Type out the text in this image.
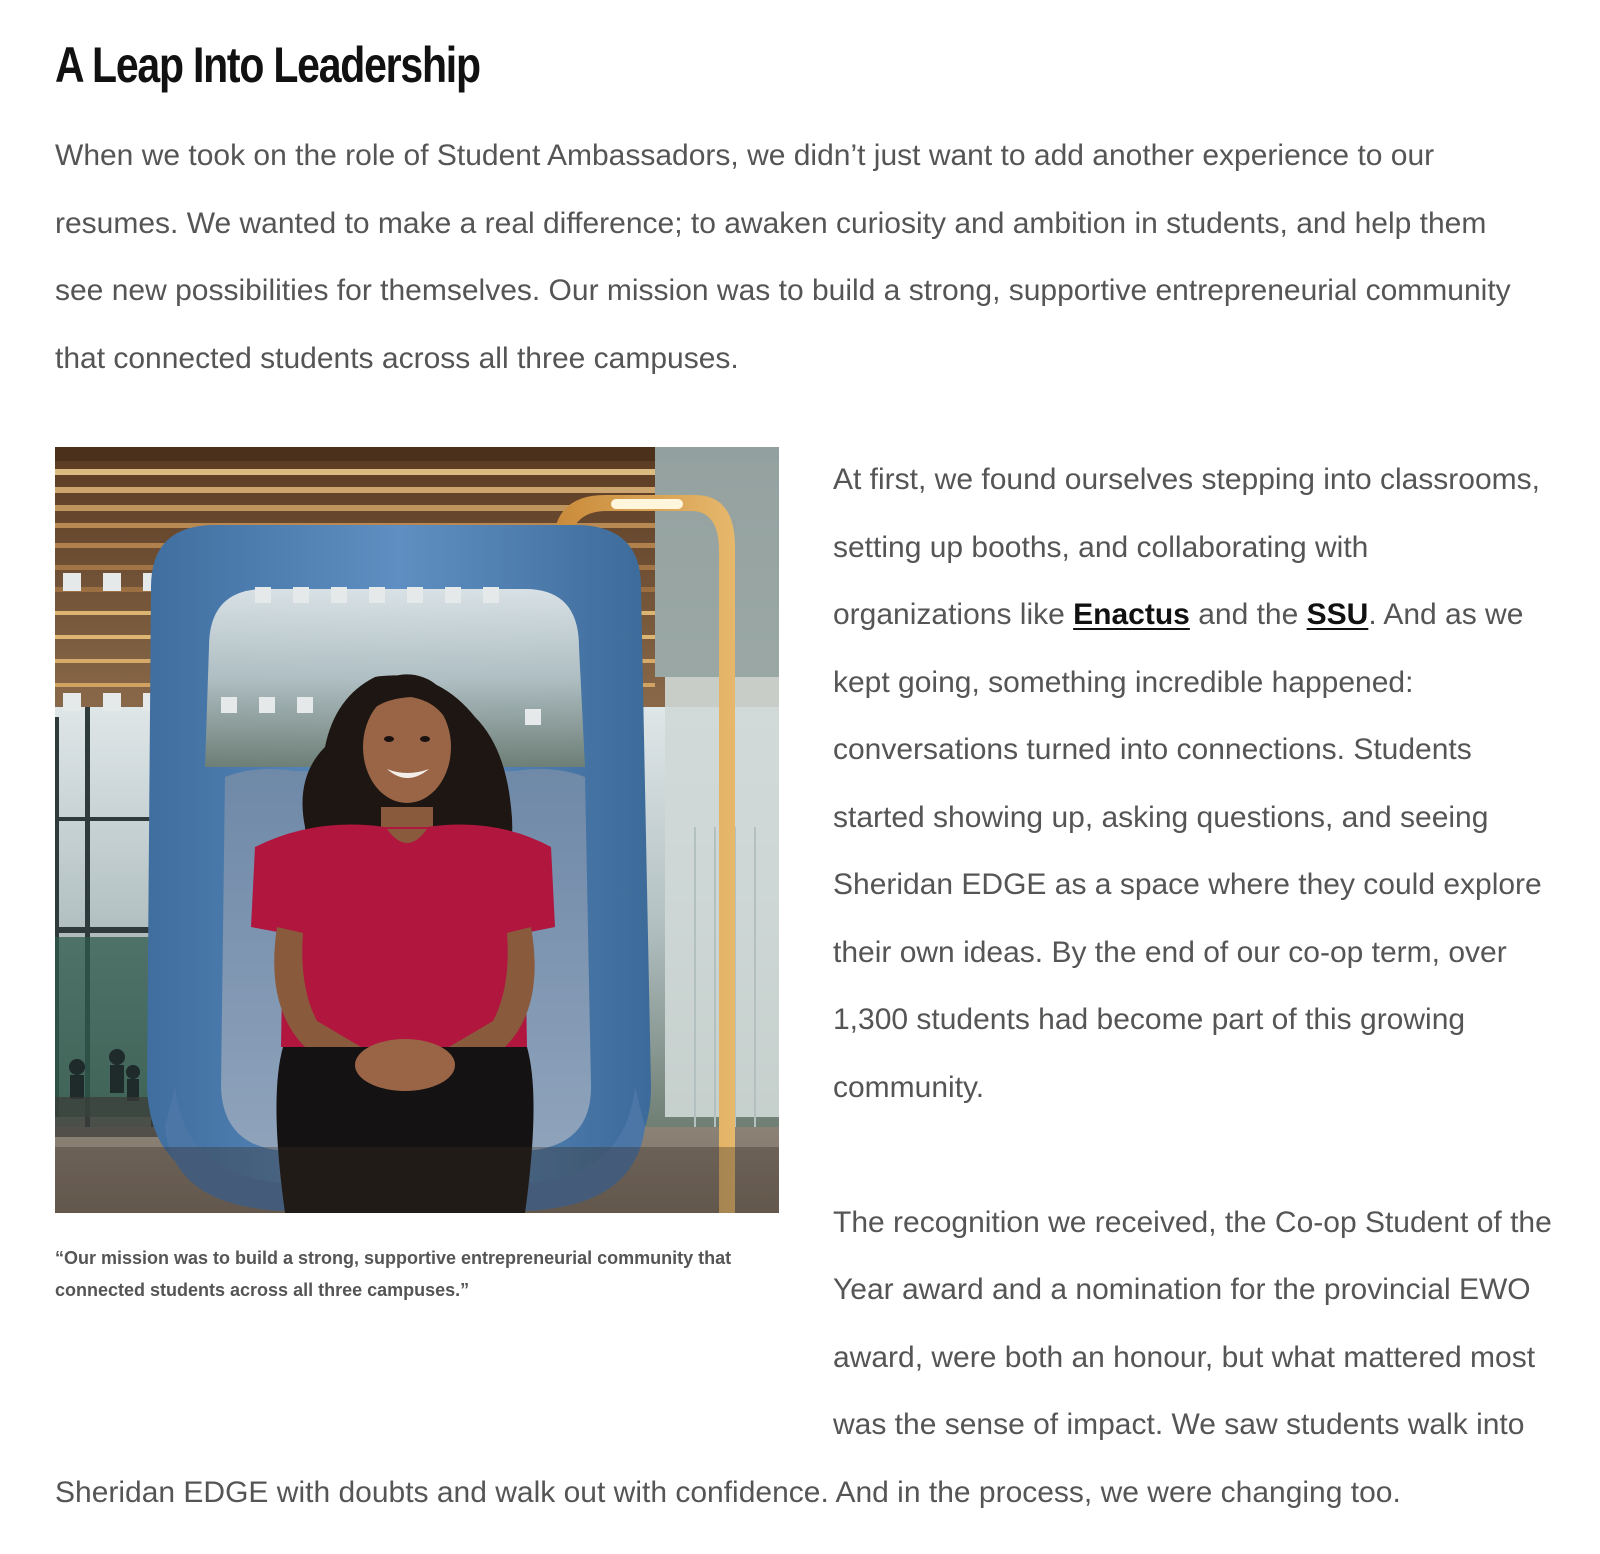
A Leap Into Leadership

When we took on the role of Student Ambassadors, we didn’t just want to add another experience to our resumes. We wanted to make a real difference; to awaken curiosity and ambition in students, and help them see new possibilities for themselves. Our mission was to build a strong, supportive entrepreneurial community that connected students across all three campuses.

“Our mission was to build a strong, supportive entrepreneurial community that connected students across all three campuses.”

At first, we found ourselves stepping into classrooms, setting up booths, and collaborating with organizations like Enactus and the SSU. And as we kept going, something incredible happened: conversations turned into connections. Students started showing up, asking questions, and seeing Sheridan EDGE as a space where they could explore their own ideas. By the end of our co-op term, over 1,300 students had become part of this growing community.

The recognition we received, the Co-op Student of the Year award and a nomination for the provincial EWO award, were both an honour, but what mattered most was the sense of impact. We saw students walk into Sheridan EDGE with doubts and walk out with confidence. And in the process, we were changing too.
